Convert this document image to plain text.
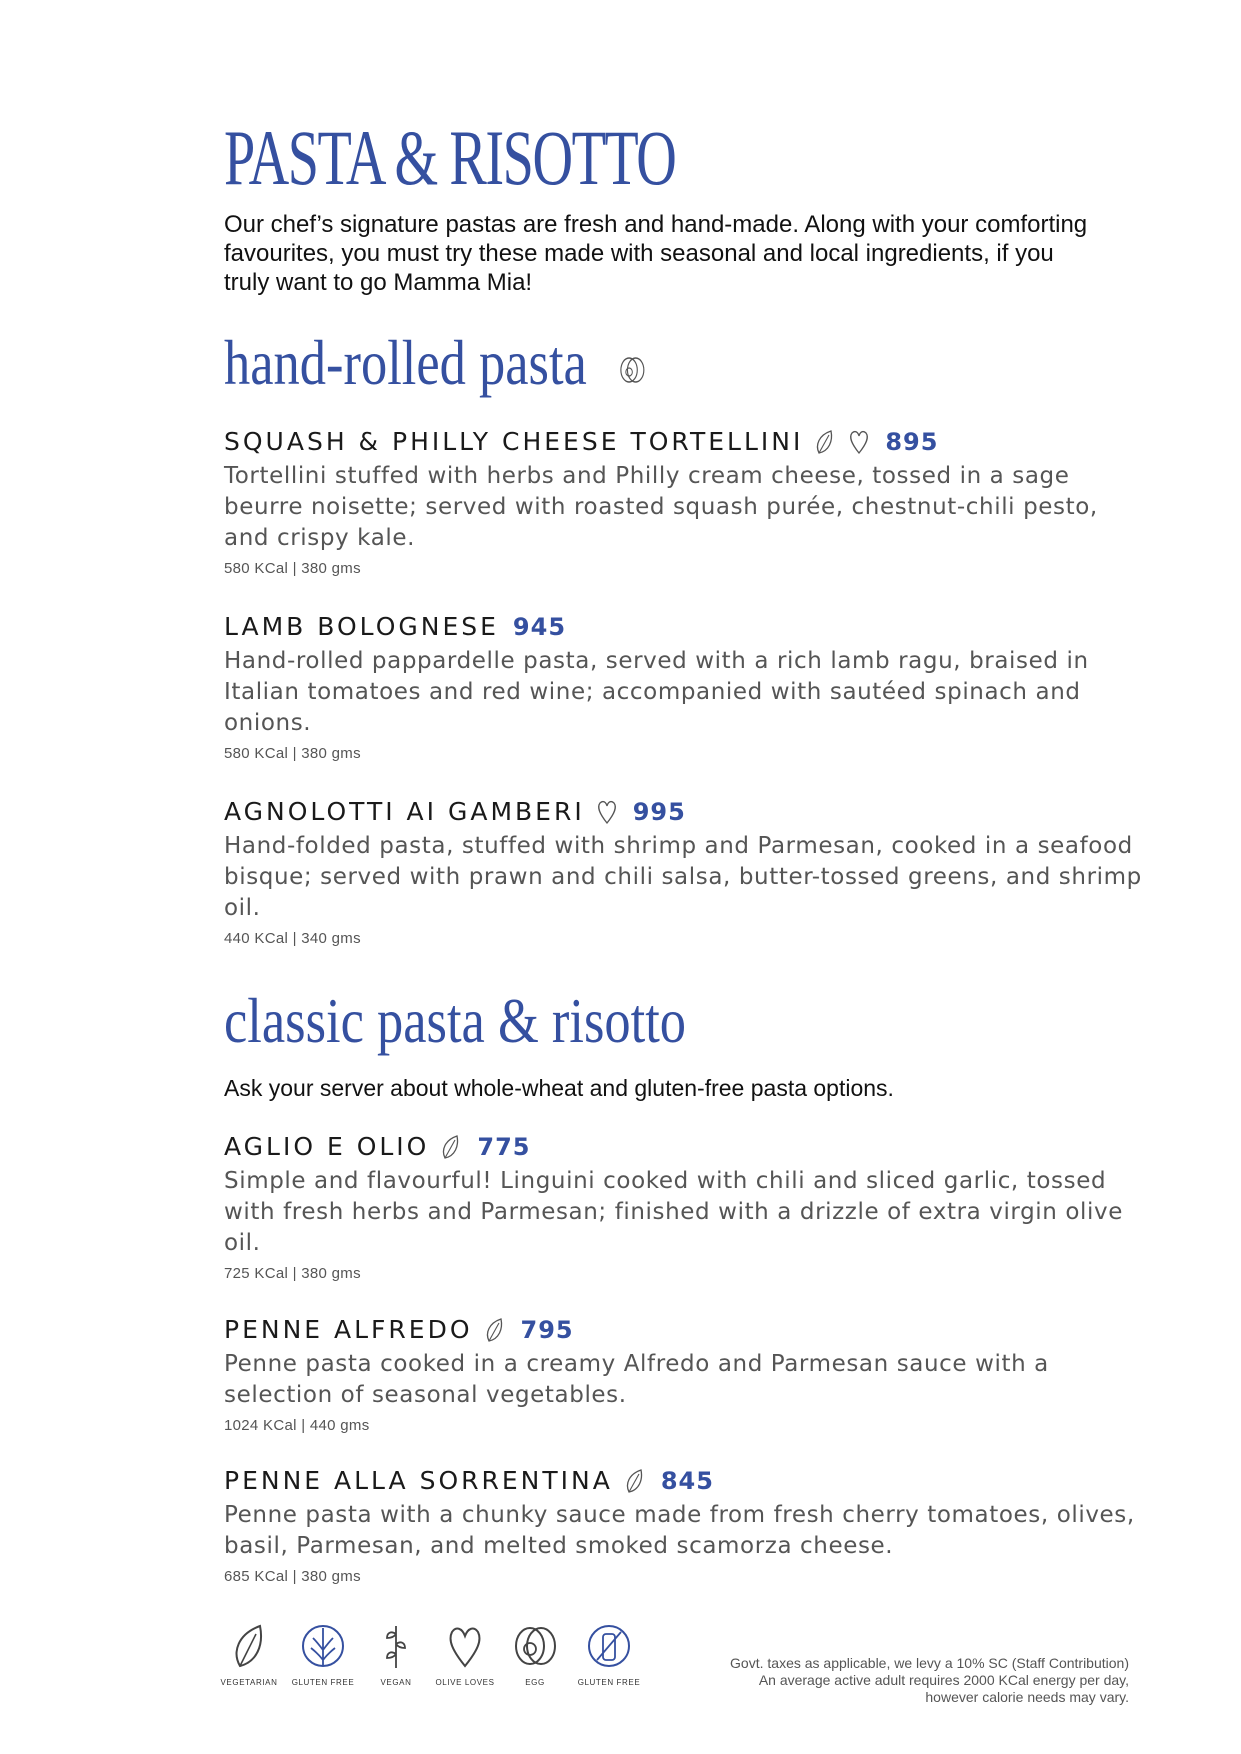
PASTA & RISOTTO

Our chef’s signature pastas are fresh and hand-made. Along with your comforting favourites, you must try these made with seasonal and local ingredients, if you truly want to go Mamma Mia!

hand-rolled pasta
SQUASH & PHILLY CHEESE TORTELLINI	895
Tortellini stuffed with herbs and Philly cream cheese, tossed in a sage beurre noisette; served with roasted squash purée, chestnut-chili pesto, and crispy kale.
580 KCal | 380 gms
LAMB BOLOGNESE 945
Hand-rolled pappardelle pasta, served with a rich lamb ragu, braised in Italian tomatoes and red wine; accompanied with sautéed spinach and onions.
580 KCal | 380 gms
AGNOLOTTI AI GAMBERI 995
Hand-folded pasta, stuffed with shrimp and Parmesan, cooked in a seafood bisque; served with prawn and chili salsa, butter-tossed greens, and shrimp oil.
440 KCal | 340 gms
classic pasta & risotto

Ask your server about whole-wheat and gluten-free pasta options.

AGLIO E OLIO 775
Simple and flavourful! Linguini cooked with chili and sliced garlic, tossed with fresh herbs and Parmesan; finished with a drizzle of extra virgin olive oil.
725 KCal | 380 gms
PENNE ALFREDO 795
Penne pasta cooked in a creamy Alfredo and Parmesan sauce with a selection of seasonal vegetables.
1024 KCal | 440 gms
PENNE ALLA SORRENTINA 845
Penne pasta with a chunky sauce made from fresh cherry tomatoes, olives, basil, Parmesan, and melted smoked scamorza cheese.
685 KCal | 380 gms
VEGETARIAN	GLUTEN FREE	VEGAN	OLIVE LOVES	EGG	GLUTEN FREE
Govt. taxes as applicable, we levy a 10% SC (Staff Contribution)
An average active adult requires 2000 KCal energy per day,
however calorie needs may vary.
